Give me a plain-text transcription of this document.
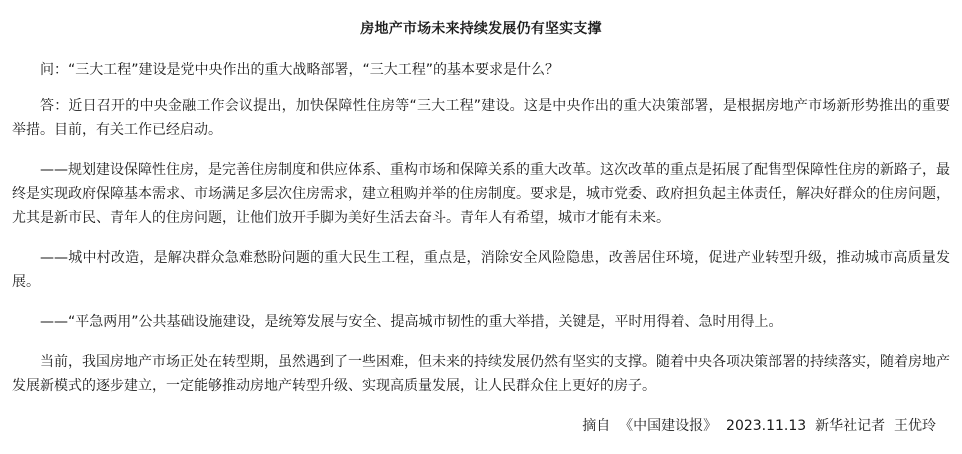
房地产市场未来持续发展仍有坚实支撑

问：“三大工程”建设是党中央作出的重大战略部署，“三大工程”的基本要求是什么？

答：近日召开的中央金融工作会议提出，加快保障性住房等“三大工程”建设。这是中央作出的重大决策部署，是根据房地产市场新形势推出的重要举措。目前，有关工作已经启动。

——规划建设保障性住房，是完善住房制度和供应体系、重构市场和保障关系的重大改革。这次改革的重点是拓展了配售型保障性住房的新路子，最终是实现政府保障基本需求、市场满足多层次住房需求，建立租购并举的住房制度。要求是，城市党委、政府担负起主体责任，解决好群众的住房问题，尤其是新市民、青年人的住房问题，让他们放开手脚为美好生活去奋斗。青年人有希望，城市才能有未来。

——城中村改造，是解决群众急难愁盼问题的重大民生工程，重点是，消除安全风险隐患，改善居住环境，促进产业转型升级，推动城市高质量发展。

——“平急两用”公共基础设施建设，是统筹发展与安全、提高城市韧性的重大举措，关键是，平时用得着、急时用得上。

当前，我国房地产市场正处在转型期，虽然遇到了一些困难，但未来的持续发展仍然有坚实的支撑。随着中央各项决策部署的持续落实，随着房地产发展新模式的逐步建立，一定能够推动房地产转型升级、实现高质量发展，让人民群众住上更好的房子。

摘自  《中国建设报》  2023.11.13  新华社记者  王优玲
